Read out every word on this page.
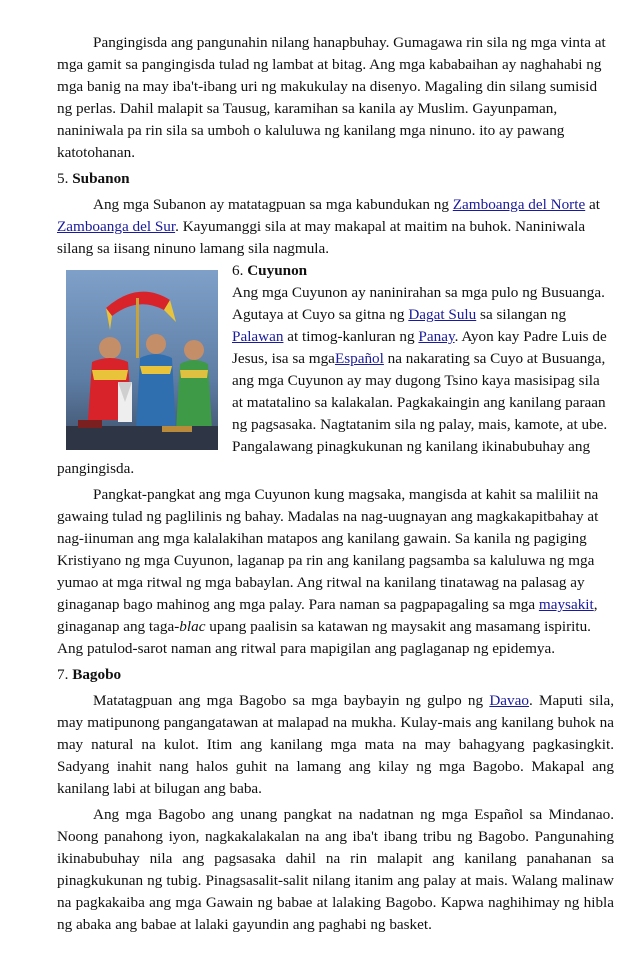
Pangingisda ang pangunahin nilang hanapbuhay. Gumagawa rin sila ng mga vinta at mga gamit sa pangingisda tulad ng lambat at bitag. Ang mga kababaihan ay naghahabi ng mga banig na may iba't-ibang uri ng makukulay na disenyo. Magaling din silang sumisid ng perlas. Dahil malapit sa Tausug, karamihan sa kanila ay Muslim. Gayunpaman, naniniwala pa rin sila sa umboh o kaluluwa ng kanilang mga ninuno. ito ay pawang katotohanan.

5. Subanon

Ang mga Subanon ay matatagpuan sa mga kabundukan ng Zamboanga del Norte at Zamboanga del Sur. Kayumanggi sila at may makapal at maitim na buhok. Naniniwala silang sa iisang ninuno lamang sila nagmula.

6. Cuyunon

Ang mga Cuyunon ay naninirahan sa mga pulo ng Busuanga. Agutaya at Cuyo sa gitna ng Dagat Sulu sa silangan ng Palawan at timog-kanluran ng Panay. Ayon kay Padre Luis de Jesus, isa sa mgaEspañol na nakarating sa Cuyo at Busuanga, ang mga Cuyunon ay may dugong Tsino kaya masisipag sila at matatalino sa kalakalan. Pagkakaingin ang kanilang paraan ng pagsasaka. Nagtatanim sila ng palay, mais, kamote, at ube. Pangalawang pinagkukunan ng kanilang ikinabubuhay ang pangingisda.

Pangkat-pangkat ang mga Cuyunon kung magsaka, mangisda at kahit sa maliliit na gawaing tulad ng paglilinis ng bahay. Madalas na nag-uugnayan ang magkakapitbahay at nag-iinuman ang mga kalalakihan matapos ang kanilang gawain. Sa kanila ng pagiging Kristiyano ng mga Cuyunon, laganap pa rin ang kanilang pagsamba sa kaluluwa ng mga yumao at mga ritwal ng mga babaylan. Ang ritwal na kanilang tinatawag na palasag ay ginaganap bago mahinog ang mga palay. Para naman sa pagpapagaling sa mga maysakit, ginaganap ang taga-blac upang paalisin sa katawan ng maysakit ang masamang ispiritu. Ang patulod-sarot naman ang ritwal para mapigilan ang paglaganap ng epidemya.

7. Bagobo

Matatagpuan ang mga Bagobo sa mga baybayin ng gulpo ng Davao. Maputi sila, may matipunong pangangatawan at malapad na mukha. Kulay-mais ang kanilang buhok na may natural na kulot. Itim ang kanilang mga mata na may bahagyang pagkasingkit. Sadyang inahit nang halos guhit na lamang ang kilay ng mga Bagobo. Makapal ang kanilang labi at bilugan ang baba.

Ang mga Bagobo ang unang pangkat na nadatnan ng mga Español sa Mindanao. Noong panahong iyon, nagkakalakalan na ang iba't ibang tribu ng Bagobo. Pangunahing ikinabubuhay nila ang pagsasaka dahil na rin malapit ang kanilang panahanan sa pinagkukunan ng tubig. Pinagsasalit-salit nilang itanim ang palay at mais. Walang malinaw na pagkakaiba ang mga Gawain ng babae at lalaking Bagobo. Kapwa naghihimay ng hibla ng abaka ang babae at lalaki gayundin ang paghabi ng basket.
